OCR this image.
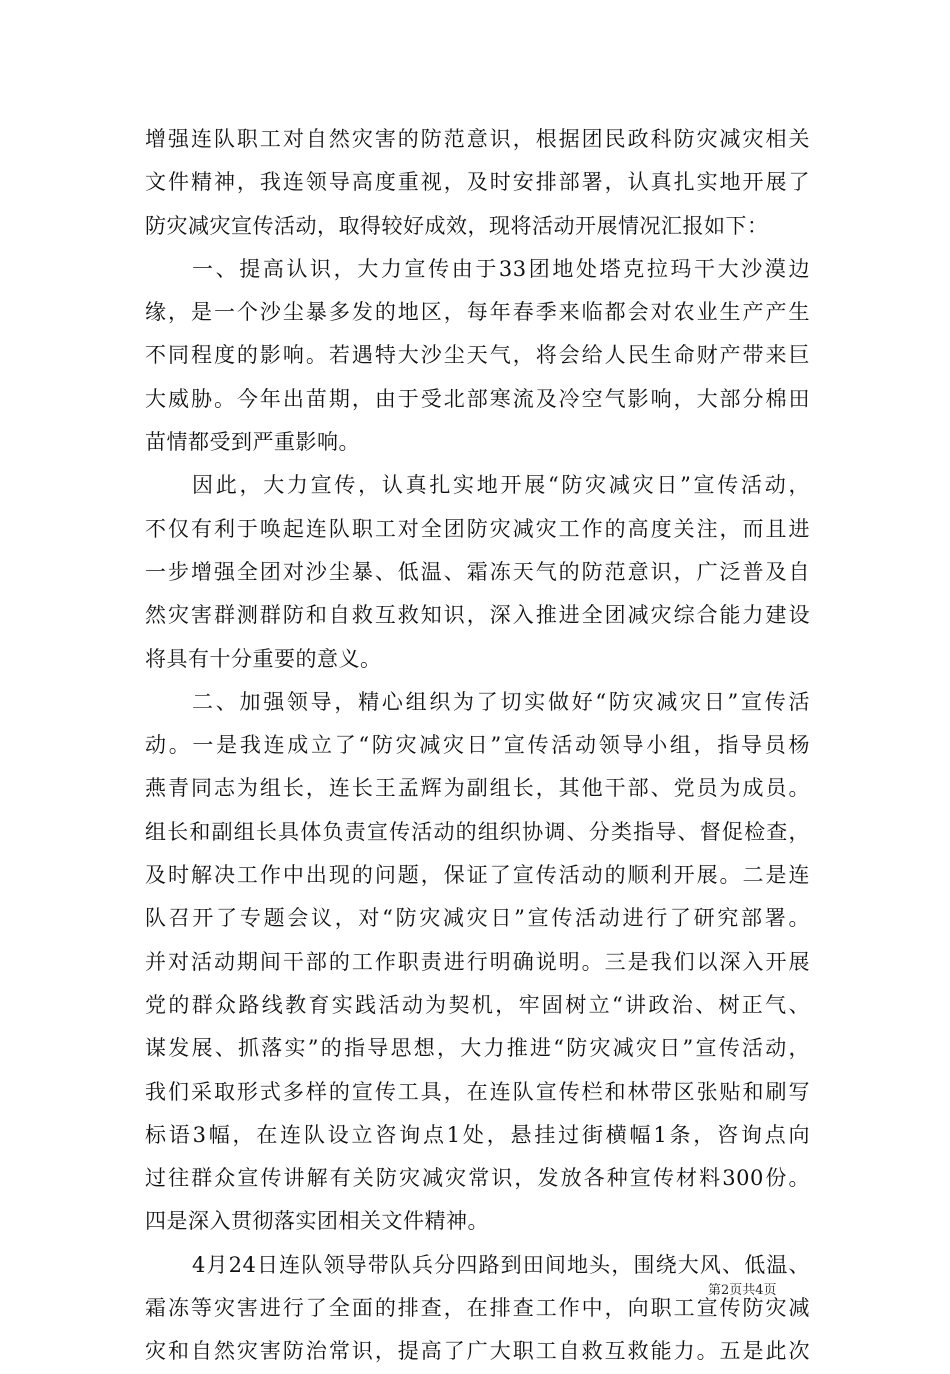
增强连队职工对自然灾害的防范意识，根据团民政科防灾减灾相关
文件精神，我连领导高度重视，及时安排部署，认真扎实地开展了
防灾减灾宣传活动，取得较好成效，现将活动开展情况汇报如下：
一、提高认识，大力宣传由于33团地处塔克拉玛干大沙漠边
缘，是一个沙尘暴多发的地区，每年春季来临都会对农业生产产生
不同程度的影响。若遇特大沙尘天气，将会给人民生命财产带来巨
大威胁。今年出苗期，由于受北部寒流及冷空气影响，大部分棉田
苗情都受到严重影响。
因此，大力宣传，认真扎实地开展“防灾减灾日”宣传活动，
不仅有利于唤起连队职工对全团防灾减灾工作的高度关注，而且进
一步增强全团对沙尘暴、低温、霜冻天气的防范意识，广泛普及自
然灾害群测群防和自救互救知识，深入推进全团减灾综合能力建设
将具有十分重要的意义。
二、加强领导，精心组织为了切实做好“防灾减灾日”宣传活
动。一是我连成立了“防灾减灾日”宣传活动领导小组，指导员杨
燕青同志为组长，连长王孟辉为副组长，其他干部、党员为成员。
组长和副组长具体负责宣传活动的组织协调、分类指导、督促检查，
及时解决工作中出现的问题，保证了宣传活动的顺利开展。二是连
队召开了专题会议，对“防灾减灾日”宣传活动进行了研究部署。
并对活动期间干部的工作职责进行明确说明。三是我们以深入开展
党的群众路线教育实践活动为契机，牢固树立“讲政治、树正气、
谋发展、抓落实”的指导思想，大力推进“防灾减灾日”宣传活动，
我们采取形式多样的宣传工具，在连队宣传栏和林带区张贴和刷写
标语3幅，在连队设立咨询点1处，悬挂过街横幅1条，咨询点向
过往群众宣传讲解有关防灾减灾常识，发放各种宣传材料300份。
四是深入贯彻落实团相关文件精神。
4月24日连队领导带队兵分四路到田间地头，围绕大风、低温、
霜冻等灾害进行了全面的排查，在排查工作中，向职工宣传防灾减
灾和自然灾害防治常识，提高了广大职工自救互救能力。五是此次
第2页共4页
